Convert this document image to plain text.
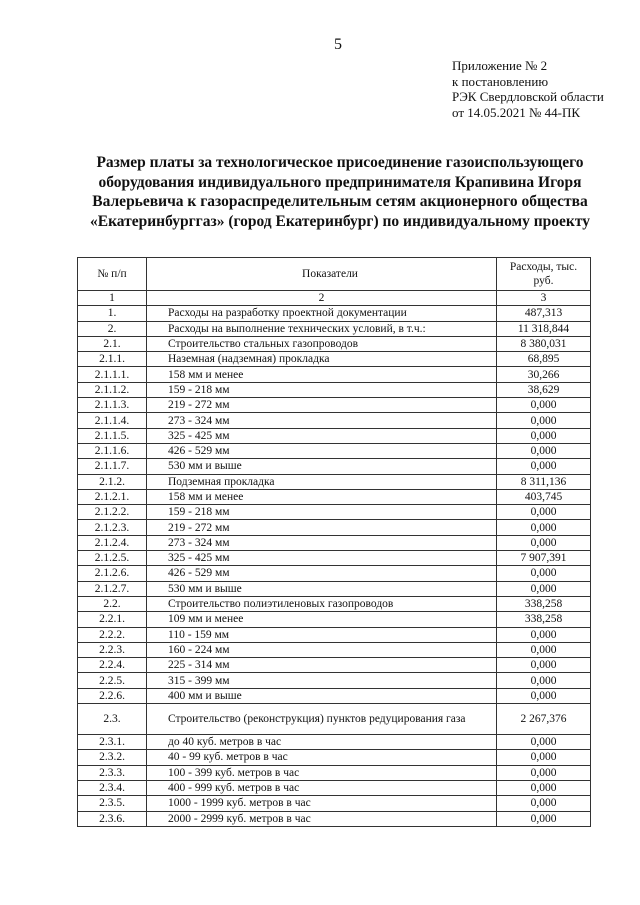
5
Приложение № 2
к постановлению
РЭК Свердловской области
от 14.05.2021 № 44-ПК
Размер платы за технологическое присоединение газоиспользующего оборудования индивидуального предпринимателя Крапивина Игоря Валерьевича к газораспределительным сетям акционерного общества «Екатеринбурггаз» (город Екатеринбург) по индивидуальному проекту
№ п/п	Показатели	Расходы, тыс. руб.
1	2	3
1.	Расходы на разработку проектной документации	487,313
2.	Расходы на выполнение технических условий, в т.ч.:	11 318,844
2.1.	Строительство стальных газопроводов	8 380,031
2.1.1.	Наземная (надземная) прокладка	68,895
2.1.1.1.	158 мм и менее	30,266
2.1.1.2.	159 - 218 мм	38,629
2.1.1.3.	219 - 272 мм	0,000
2.1.1.4.	273 - 324 мм	0,000
2.1.1.5.	325 - 425 мм	0,000
2.1.1.6.	426 - 529 мм	0,000
2.1.1.7.	530 мм и выше	0,000
2.1.2.	Подземная прокладка	8 311,136
2.1.2.1.	158 мм и менее	403,745
2.1.2.2.	159 - 218 мм	0,000
2.1.2.3.	219 - 272 мм	0,000
2.1.2.4.	273 - 324 мм	0,000
2.1.2.5.	325 - 425 мм	7 907,391
2.1.2.6.	426 - 529 мм	0,000
2.1.2.7.	530 мм и выше	0,000
2.2.	Строительство полиэтиленовых газопроводов	338,258
2.2.1.	109 мм и менее	338,258
2.2.2.	110 - 159 мм	0,000
2.2.3.	160 - 224 мм	0,000
2.2.4.	225 - 314 мм	0,000
2.2.5.	315 - 399 мм	0,000
2.2.6.	400 мм и выше	0,000
2.3.	Строительство (реконструкция) пунктов редуцирования газа	2 267,376
2.3.1.	до 40 куб. метров в час	0,000
2.3.2.	40 - 99 куб. метров в час	0,000
2.3.3.	100 - 399 куб. метров в час	0,000
2.3.4.	400 - 999 куб. метров в час	0,000
2.3.5.	1000 - 1999 куб. метров в час	0,000
2.3.6.	2000 - 2999 куб. метров в час	0,000
